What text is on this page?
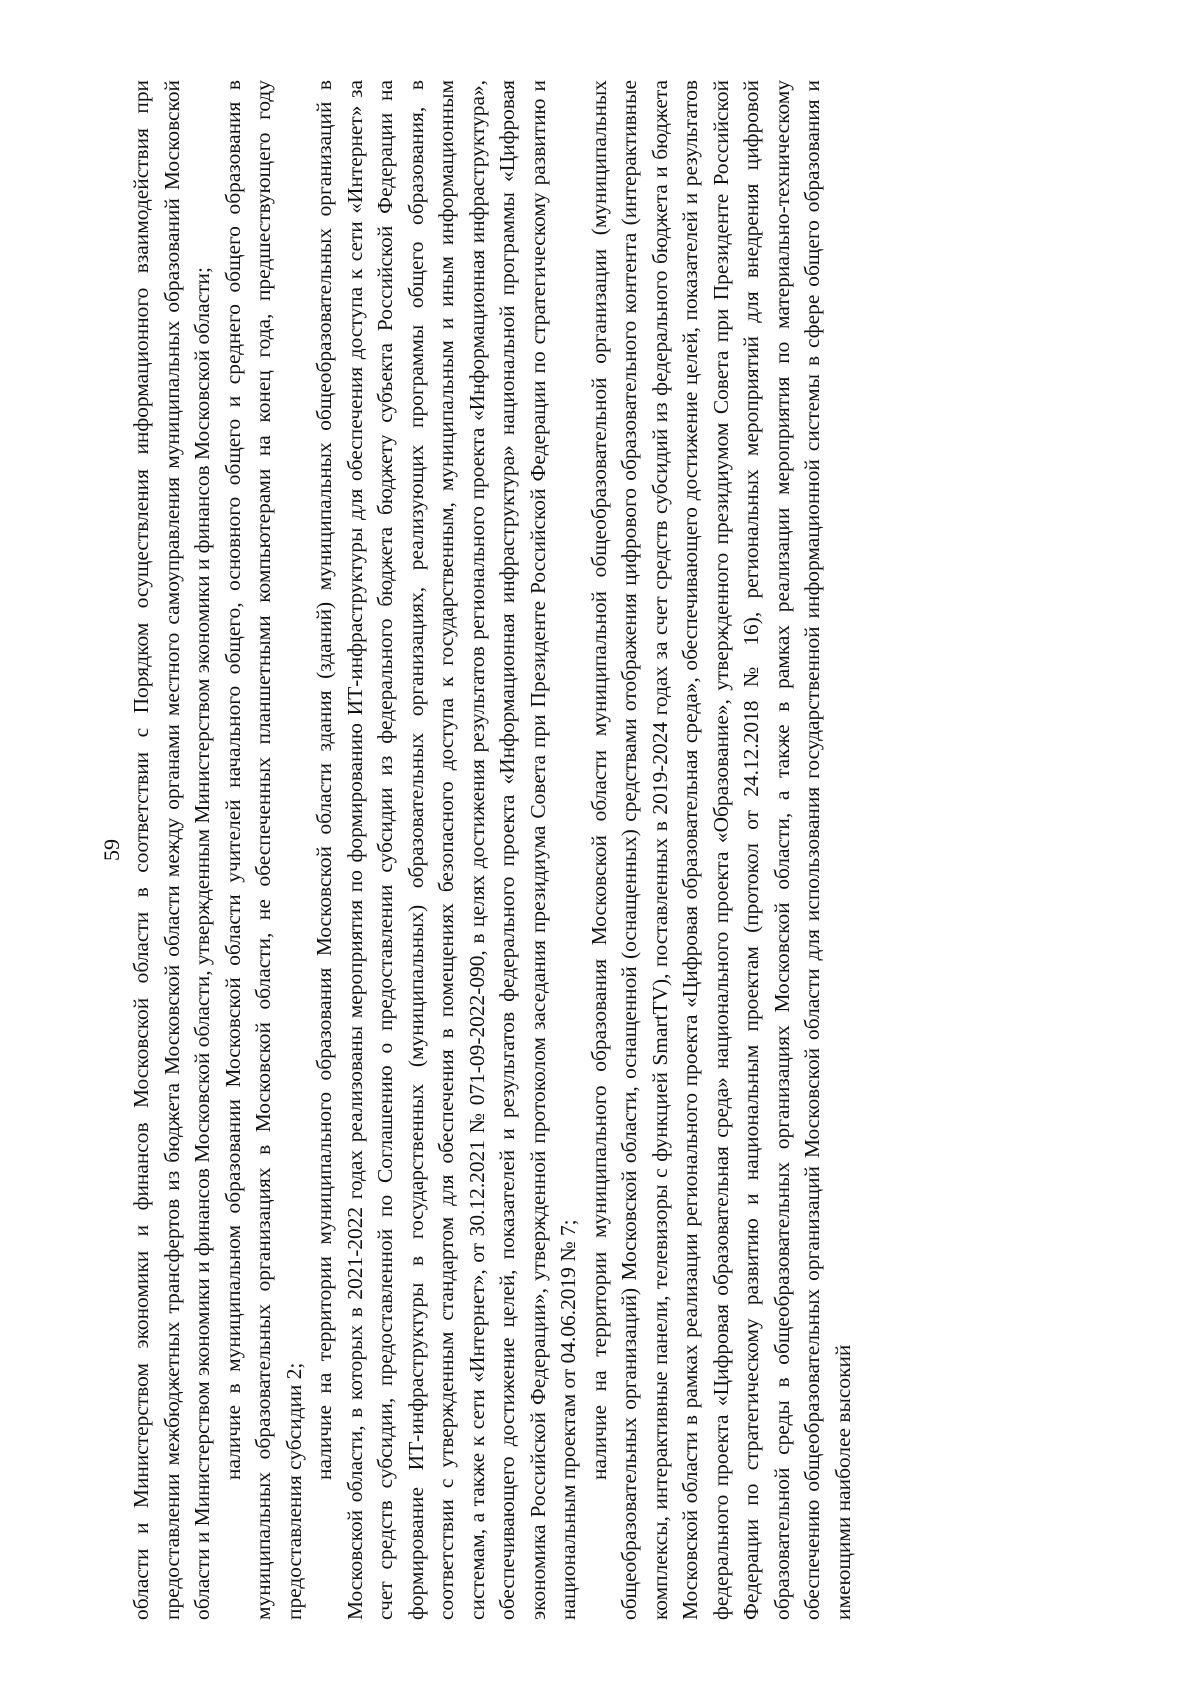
59 области и Министерством экономики и финансов Московской области в соответствии с Порядком осуществления информационного взаимодействия при предоставлении межбюджетных трансфертов из бюджета Московской области между органами местного самоуправления муниципальных образований Московской области и Министерством экономики и финансов Московской области, утвержденным Министерством экономики и финансов Московской области; наличие в муниципальном образовании Московской области учителей начального общего, основного общего и среднего общего образования в муниципальных образовательных организациях в Московской области, не обеспеченных планшетными компьютерами на конец года, предшествующего году предоставления субсидии 2;

наличие на территории муниципального образования Московской области здания (зданий) муниципальных общеобразовательных организаций в Московской области, в которых в 2021-2022 годах реализованы мероприятия по формированию ИТ-инфраструктуры для обеспечения доступа к сети «Интернет» за счет средств субсидии, предоставленной по Соглашению о предоставлении субсидии из федерального бюджета бюджету субъекта Российской Федерации на формирование ИТ-инфраструктуры в государственных (муниципальных) образовательных организациях, реализующих программы общего образования, в соответствии с утвержденным стандартом для обеспечения в помещениях безопасного доступа к государственным, муниципальным и иным информационным системам, а также к сети «Интернет», от 30.12.2021 № 071-09-2022-090, в целях достижения результатов регионального проекта «Информационная инфраструктура», обеспечивающего достижение целей, показателей и результатов федерального проекта «Информационная инфраструктура» национальной программы «Цифровая экономика Российской Федерации», утвержденной протоколом заседания президиума Совета при Президенте Российской Федерации по стратегическому развитию и национальным проектам от 04.06.2019 № 7; наличие на территории муниципального образования Московской области муниципальной общеобразовательной организации (муниципальных общеобразовательных организаций) Московской области, оснащенной (оснащенных) средствами отображения цифрового образовательного контента (интерактивные комплексы, интерактивные панели, телевизоры с функцией SmartTV), поставленных в 2019-2024 годах за счет средств субсидий из федерального бюджета и бюджета Московской области в рамках реализации регионального проекта «Цифровая образовательная среда», обеспечивающего достижение целей, показателей и результатов федерального проекта «Цифровая образовательная среда» национального проекта «Образование», утвержденного президиумом Совета при Президенте Российской Федерации по стратегическому развитию и национальным проектам (протокол от 24.12.2018 № 16), региональных мероприятий для внедрения цифровой образовательной среды в общеобразовательных организациях Московской области, а также в рамках реализации мероприятия по материально-техническому обеспечению общеобразовательных организаций Московской области для использования государственной информационной системы в сфере общего образования и имеющими наиболее высокий
